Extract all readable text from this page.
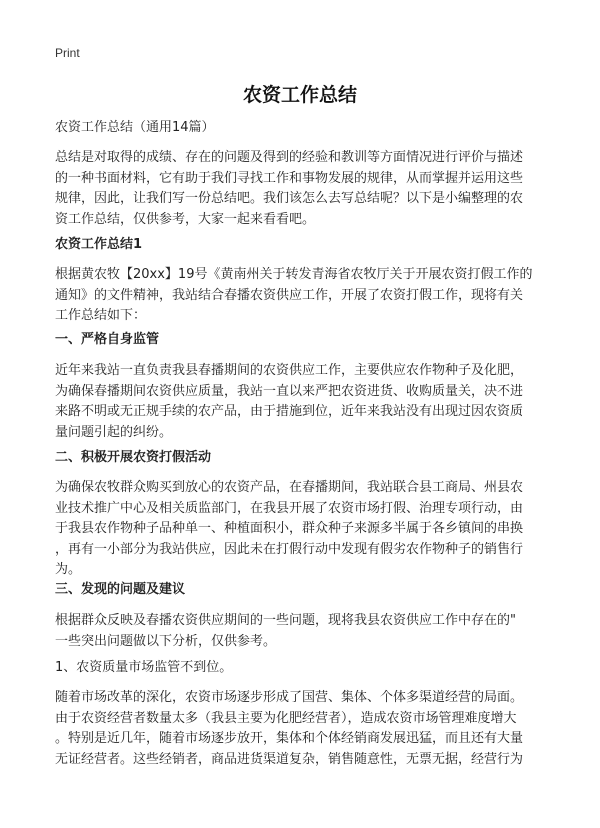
Print
农资工作总结

农资工作总结（通用14篇）

总结是对取得的成绩、存在的问题及得到的经验和教训等方面情况进行评价与描述
的一种书面材料，它有助于我们寻找工作和事物发展的规律，从而掌握并运用这些
规律，因此，让我们写一份总结吧。我们该怎么去写总结呢？以下是小编整理的农
资工作总结，仅供参考，大家一起来看看吧。

农资工作总结1

根据黄农牧【20xx】19号《黄南州关于转发青海省农牧厅关于开展农资打假工作的
通知》的文件精神，我站结合春播农资供应工作，开展了农资打假工作，现将有关
工作总结如下：

一、严格自身监管

近年来我站一直负责我县春播期间的农资供应工作，主要供应农作物种子及化肥，
为确保春播期间农资供应质量，我站一直以来严把农资进货、收购质量关，决不进
来路不明或无正规手续的农产品，由于措施到位，近年来我站没有出现过因农资质
量问题引起的纠纷。

二、积极开展农资打假活动

为确保农牧群众购买到放心的农资产品，在春播期间，我站联合县工商局、州县农
业技术推广中心及相关质监部门，在我县开展了农资市场打假、治理专项行动，由
于我县农作物种子品种单一、种植面积小，群众种子来源多半属于各乡镇间的串换
，再有一小部分为我站供应，因此未在打假行动中发现有假劣农作物种子的销售行
为。

三、发现的问题及建议

根据群众反映及春播农资供应期间的一些问题，现将我县农资供应工作中存在的"
一些突出问题做以下分析，仅供参考。

1、农资质量市场监管不到位。

随着市场改革的深化，农资市场逐步形成了国营、集体、个体多渠道经营的局面。
由于农资经营者数量太多（我县主要为化肥经营者），造成农资市场管理难度增大
。特别是近几年，随着市场逐步放开，集体和个体经销商发展迅猛，而且还有大量
无证经营者。这些经销者，商品进货渠道复杂，销售随意性，无票无据，经营行为
